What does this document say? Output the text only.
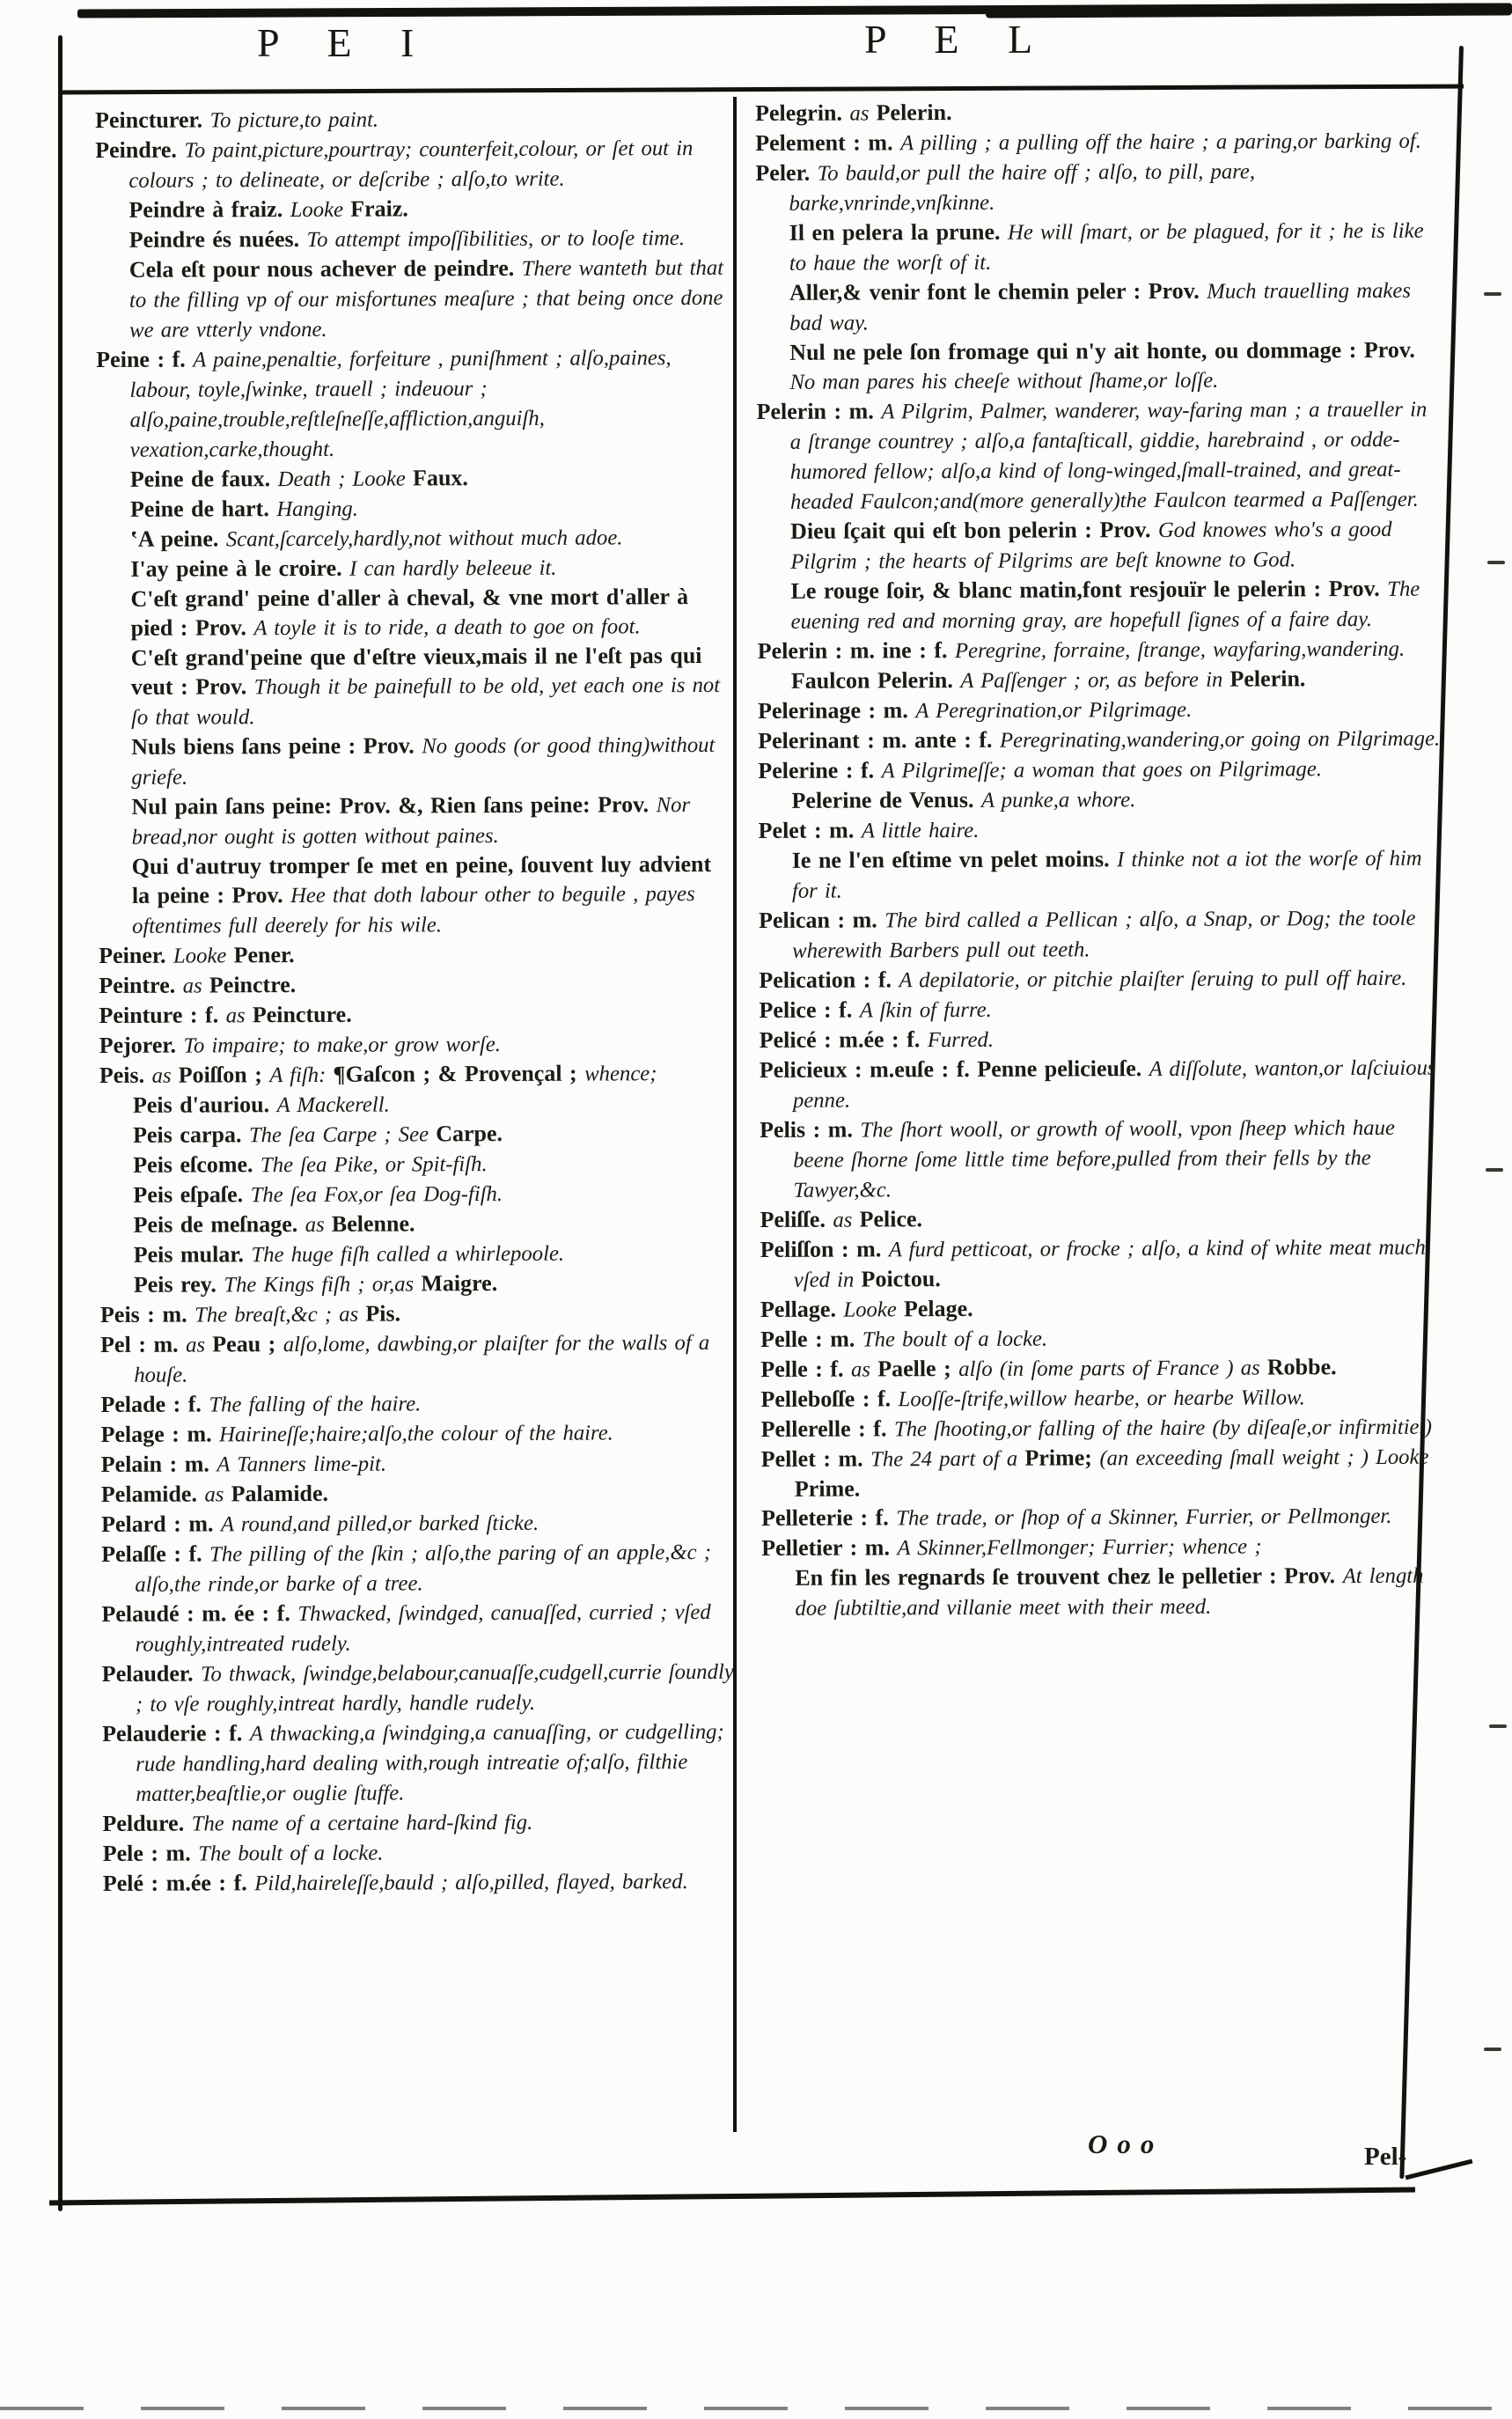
P E I	P E L
Peincturer. To picture,to paint.
Peindre. To paint,picture,pourtray; counterfeit,colour, or ſet out in colours ; to delineate, or deſcribe ; alſo,to write.
Peindre à fraiz. Looke Fraiz.
Peindre és nuées. To attempt impoſſibilities, or to looſe time.
Cela eſt pour nous achever de peindre. There wanteth but that to the filling vp of our misfortunes meaſure ; that being once done we are vtterly vndone.
Peine : f. A paine,penaltie, forfeiture , puniſhment ; alſo,paines, labour, toyle,ſwinke, trauell ; indeuour ; alſo,paine,trouble,reſtleſneſſe,affliction,anguiſh, vexation,carke,thought.
Peine de faux. Death ; Looke Faux.
Peine de hart. Hanging.
‛A peine. Scant,ſcarcely,hardly,not without much adoe.
I'ay peine à le croire. I can hardly beleeue it.
C'eſt grand' peine d'aller à cheval, & vne mort d'aller à pied : Prov. A toyle it is to ride, a death to goe on foot.
C'eſt grand'peine que d'eſtre vieux,mais il ne l'eſt pas qui veut : Prov. Though it be painefull to be old, yet each one is not ſo that would.
Nuls biens ſans peine : Prov. No goods (or good thing)without griefe.
Nul pain ſans peine: Prov. &, Rien ſans peine: Prov. Nor bread,nor ought is gotten without paines.
Qui d'autruy tromper ſe met en peine, ſouvent luy advient la peine : Prov. Hee that doth labour other to beguile , payes oftentimes full deerely for his wile.
Peiner. Looke Pener.
Peintre. as Peinctre.
Peinture : f. as Peincture.
Pejorer. To impaire; to make,or grow worſe.
Peis. as Poiſſon ; A fiſh: ¶Gaſcon ; & Provençal ; whence;
Peis d'auriou. A Mackerell.
Peis carpa. The ſea Carpe ; See Carpe.
Peis eſcome. The ſea Pike, or Spit-fiſh.
Peis eſpaſe. The ſea Fox,or ſea Dog-fiſh.
Peis de meſnage. as Belenne.
Peis mular. The huge fiſh called a whirlepoole.
Peis rey. The Kings fiſh ; or,as Maigre.
Peis : m. The breaſt,&c ; as Pis.
Pel : m. as Peau ; alſo,lome, dawbing,or plaiſter for the walls of a houſe.
Pelade : f. The falling of the haire.
Pelage : m. Hairineſſe;haire;alſo,the colour of the haire.
Pelain : m. A Tanners lime-pit.
Pelamide. as Palamide.
Pelard : m. A round,and pilled,or barked ſticke.
Pelaſſe : f. The pilling of the ſkin ; alſo,the paring of an apple,&c ; alſo,the rinde,or barke of a tree.
Pelaudé : m. ée : f. Thwacked, ſwindged, canuaſſed, curried ; vſed roughly,intreated rudely.
Pelauder. To thwack, ſwindge,belabour,canuaſſe,cudgell,currie ſoundly ; to vſe roughly,intreat hardly, handle rudely.
Pelauderie : f. A thwacking,a ſwindging,a canuaſſing, or cudgelling; rude handling,hard dealing with,rough intreatie of;alſo, filthie matter,beaſtlie,or ouglie ſtuffe.
Peldure. The name of a certaine hard-ſkind fig.
Pele : m. The boult of a locke.
Pelé : m.ée : f. Pild,haireleſſe,bauld ; alſo,pilled, flayed, barked.
Pelegrin. as Pelerin.
Pelement : m. A pilling ; a pulling off the haire ; a paring,or barking of.
Peler. To bauld,or pull the haire off ; alſo, to pill, pare, barke,vnrinde,vnſkinne.
Il en pelera la prune. He will ſmart, or be plagued, for it ; he is like to haue the worſt of it.
Aller,& venir font le chemin peler : Prov. Much trauelling makes bad way.
Nul ne pele ſon fromage qui n'y ait honte, ou dommage : Prov. No man pares his cheeſe without ſhame,or loſſe.
Pelerin : m. A Pilgrim, Palmer, wanderer, way-faring man ; a traueller in a ſtrange countrey ; alſo,a fantaſticall, giddie, harebraind , or odde-humored fellow; alſo,a kind of long-winged,ſmall-trained, and great-headed Faulcon;and(more generally)the Faulcon tearmed a Paſſenger.
Dieu ſçait qui eſt bon pelerin : Prov. God knowes who's a good Pilgrim ; the hearts of Pilgrims are beſt knowne to God.
Le rouge ſoir, & blanc matin,font resjouïr le pelerin : Prov. The euening red and morning gray, are hopefull ſignes of a faire day.
Pelerin : m. ine : f. Peregrine, forraine, ſtrange, wayfaring,wandering.
Faulcon Pelerin. A Paſſenger ; or, as before in Pelerin.
Pelerinage : m. A Peregrination,or Pilgrimage.
Pelerinant : m. ante : f. Peregrinating,wandering,or going on Pilgrimage.
Pelerine : f. A Pilgrimeſſe; a woman that goes on Pilgrimage.
Pelerine de Venus. A punke,a whore.
Pelet : m. A little haire.
Ie ne l'en eſtime vn pelet moins. I thinke not a iot the worſe of him for it.
Pelican : m. The bird called a Pellican ; alſo, a Snap, or Dog; the toole wherewith Barbers pull out teeth.
Pelication : f. A depilatorie, or pitchie plaiſter ſeruing to pull off haire.
Pelice : f. A ſkin of furre.
Pelicé : m.ée : f. Furred.
Pelicieux : m.euſe : f. Penne pelicieuſe. A diſſolute, wanton,or laſciuious penne.
Pelis : m. The ſhort wooll, or growth of wooll, vpon ſheep which haue beene ſhorne ſome little time before,pulled from their fells by the Tawyer,&c.
Peliſſe. as Pelice.
Peliſſon : m. A furd petticoat, or frocke ; alſo, a kind of white meat much vſed in Poictou.
Pellage. Looke Pelage.
Pelle : m. The boult of a locke.
Pelle : f. as Paelle ; alſo (in ſome parts of France ) as Robbe.
Pelleboſſe : f. Looſſe-ſtrife,willow hearbe, or hearbe Willow.
Pellerelle : f. The ſhooting,or falling of the haire (by diſeaſe,or infirmitie.)
Pellet : m. The 24 part of a Prime; (an exceeding ſmall weight ; ) Looke Prime.
Pelleterie : f. The trade, or ſhop of a Skinner, Furrier, or Pellmonger.
Pelletier : m. A Skinner,Fellmonger; Furrier; whence ;
En fin les regnards ſe trouvent chez le pelletier : Prov. At length doe ſubtiltie,and villanie meet with their meed.
Ooo	Pel-
